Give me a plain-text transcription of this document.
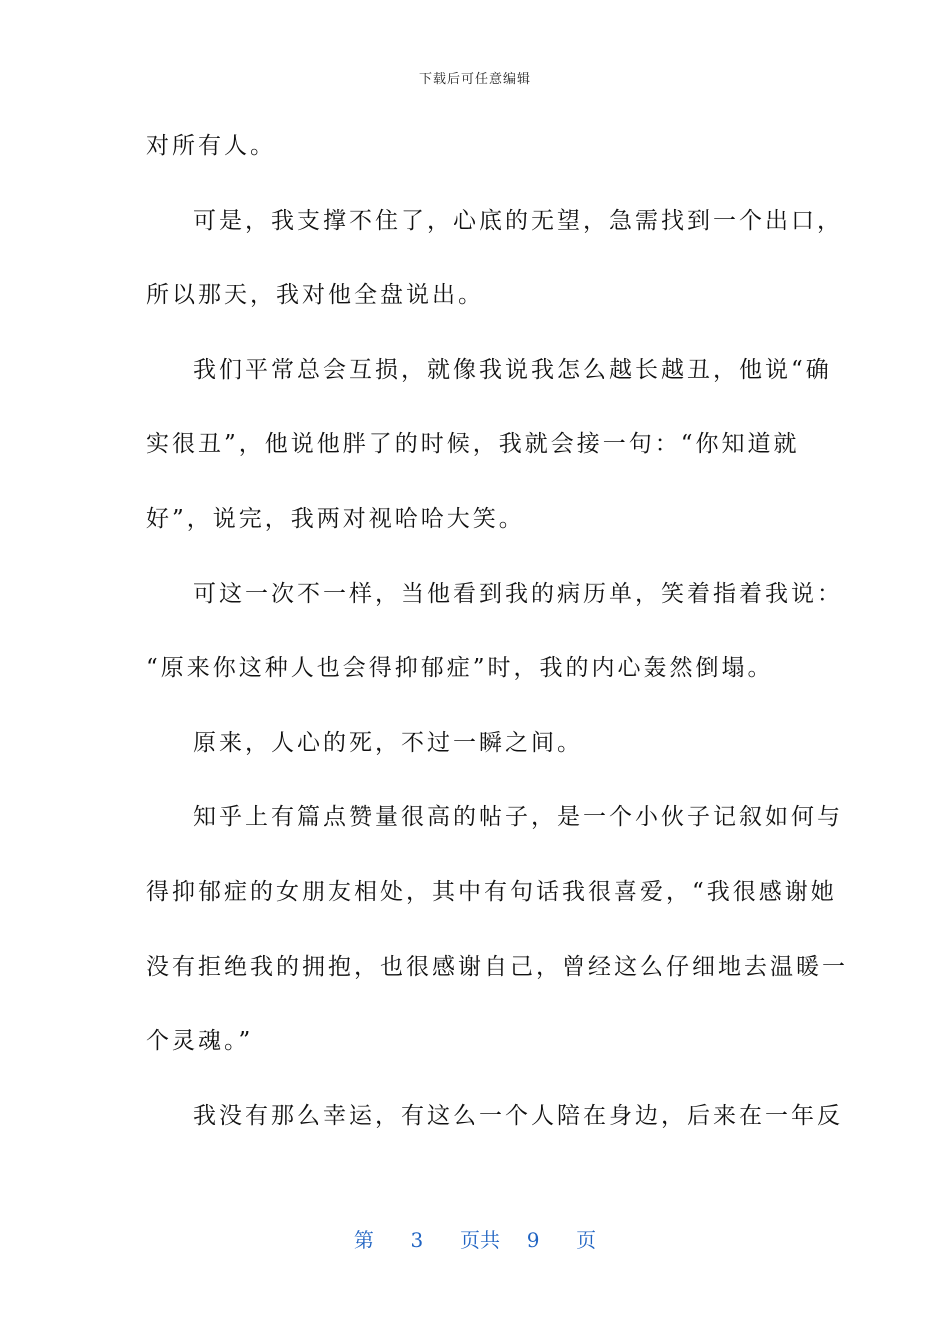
下载后可任意编辑
对所有人。
可是，我支撑不住了，心底的无望，急需找到一个出口，
所以那天，我对他全盘说出。
我们平常总会互损，就像我说我怎么越长越丑，他说“确
实很丑”，他说他胖了的时候，我就会接一句：“你知道就
好”，说完，我两对视哈哈大笑。
可这一次不一样，当他看到我的病历单，笑着指着我说：
“原来你这种人也会得抑郁症”时，我的内心轰然倒塌。
原来，人心的死，不过一瞬之间。
知乎上有篇点赞量很高的帖子，是一个小伙子记叙如何与
得抑郁症的女朋友相处，其中有句话我很喜爱，“我很感谢她
没有拒绝我的拥抱，也很感谢自己，曾经这么仔细地去温暖一
个灵魂。”
我没有那么幸运，有这么一个人陪在身边，后来在一年反
第 3 页共 9 页
